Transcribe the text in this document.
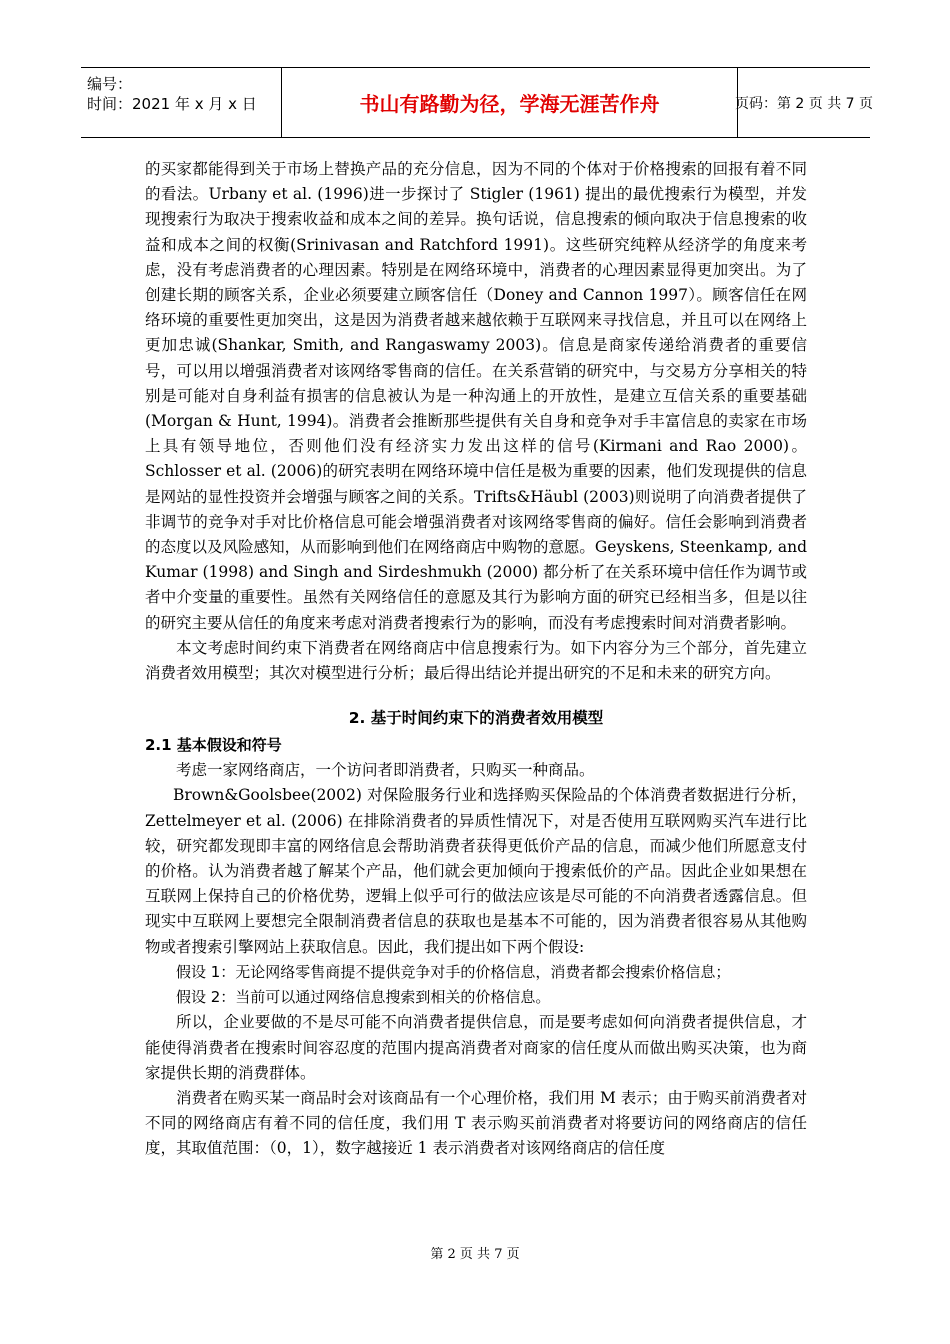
编号：
时间：2021 年 x 月 x 日	书山有路勤为径，学海无涯苦作舟	页码：第 2 页 共 7 页

的买家都能得到关于市场上替换产品的充分信息，因为不同的个体对于价格搜索的回报有着不同的看法。Urbany et al. (1996)进一步探讨了 Stigler (1961) 提出的最优搜索行为模型，并发现搜索行为取决于搜索收益和成本之间的差异。换句话说，信息搜索的倾向取决于信息搜索的收益和成本之间的权衡(Srinivasan and Ratchford 1991)。这些研究纯粹从经济学的角度来考虑，没有考虑消费者的心理因素。特别是在网络环境中，消费者的心理因素显得更加突出。为了创建长期的顾客关系，企业必须要建立顾客信任（Doney and Cannon 1997）。顾客信任在网络环境的重要性更加突出，这是因为消费者越来越依赖于互联网来寻找信息，并且可以在网络上更加忠诚(Shankar, Smith, and Rangaswamy 2003)。信息是商家传递给消费者的重要信号，可以用以增强消费者对该网络零售商的信任。在关系营销的研究中，与交易方分享相关的特别是可能对自身利益有损害的信息被认为是一种沟通上的开放性，是建立互信关系的重要基础(Morgan & Hunt, 1994)。消费者会推断那些提供有关自身和竞争对手丰富信息的卖家在市场上具有领导地位，否则他们没有经济实力发出这样的信号(Kirmani and Rao 2000)。Schlosser et al. (2006)的研究表明在网络环境中信任是极为重要的因素，他们发现提供的信息是网站的显性投资并会增强与顾客之间的关系。Trifts&Häubl (2003)则说明了向消费者提供了非调节的竞争对手对比价格信息可能会增强消费者对该网络零售商的偏好。信任会影响到消费者的态度以及风险感知，从而影响到他们在网络商店中购物的意愿。Geyskens, Steenkamp, and Kumar (1998) and Singh and Sirdeshmukh (2000) 都分析了在关系环境中信任作为调节或者中介变量的重要性。虽然有关网络信任的意愿及其行为影响方面的研究已经相当多，但是以往的研究主要从信任的角度来考虑对消费者搜索行为的影响，而没有考虑搜索时间对消费者影响。

本文考虑时间约束下消费者在网络商店中信息搜索行为。如下内容分为三个部分，首先建立消费者效用模型；其次对模型进行分析；最后得出结论并提出研究的不足和未来的研究方向。

2. 基于时间约束下的消费者效用模型
2.1 基本假设和符号

考虑一家网络商店，一个访问者即消费者，只购买一种商品。

Brown&Goolsbee(2002) 对保险服务行业和选择购买保险品的个体消费者数据进行分析，Zettelmeyer et al. (2006) 在排除消费者的异质性情况下，对是否使用互联网购买汽车进行比较，研究都发现即丰富的网络信息会帮助消费者获得更低价产品的信息，而减少他们所愿意支付的价格。认为消费者越了解某个产品，他们就会更加倾向于搜索低价的产品。因此企业如果想在互联网上保持自己的价格优势，逻辑上似乎可行的做法应该是尽可能的不向消费者透露信息。但现实中互联网上要想完全限制消费者信息的获取也是基本不可能的，因为消费者很容易从其他购物或者搜索引擎网站上获取信息。因此，我们提出如下两个假设:

假设 1：无论网络零售商提不提供竞争对手的价格信息，消费者都会搜索价格信息；

假设 2：当前可以通过网络信息搜索到相关的价格信息。

所以，企业要做的不是尽可能不向消费者提供信息，而是要考虑如何向消费者提供信息，才能使得消费者在搜索时间容忍度的范围内提高消费者对商家的信任度从而做出购买决策，也为商家提供长期的消费群体。

消费者在购买某一商品时会对该商品有一个心理价格，我们用 M 表示；由于购买前消费者对不同的网络商店有着不同的信任度，我们用 T 表示购买前消费者对将要访问的网络商店的信任度，其取值范围：（0，1），数字越接近 1 表示消费者对该网络商店的信任度

第 2 页 共 7 页
